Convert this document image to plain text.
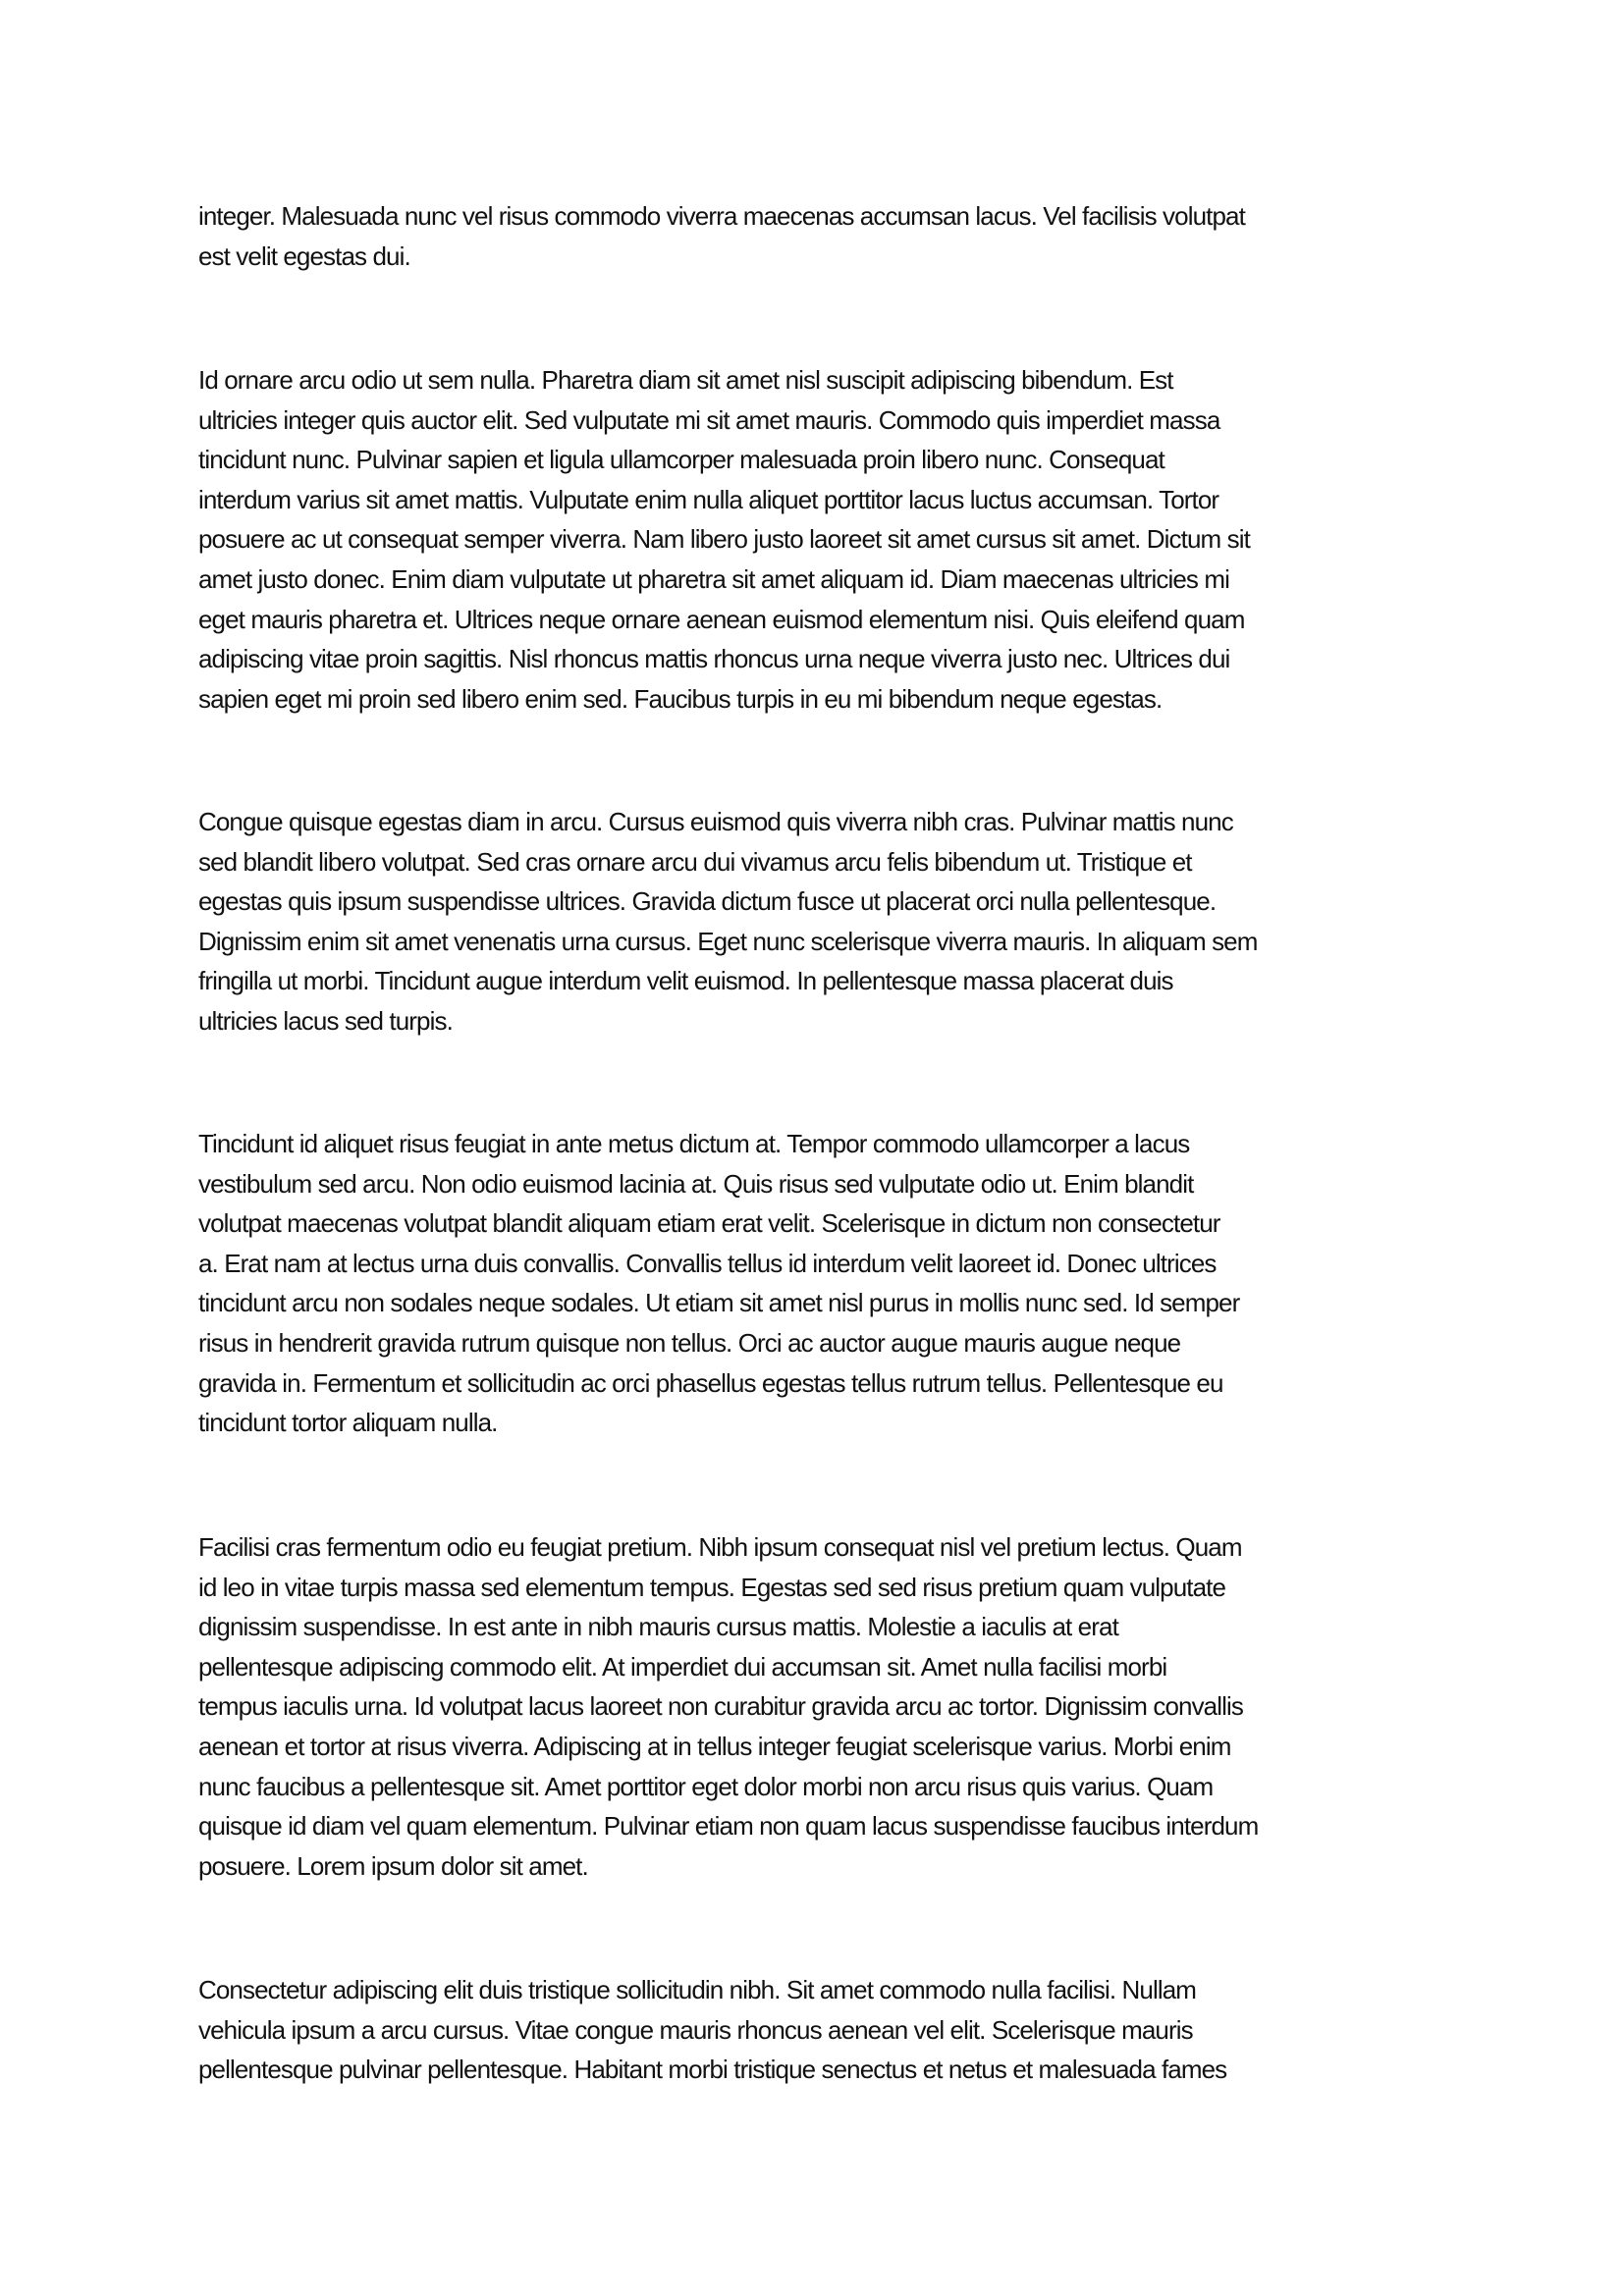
integer. Malesuada nunc vel risus commodo viverra maecenas accumsan lacus. Vel facilisis volutpat
est velit egestas dui.
Id ornare arcu odio ut sem nulla. Pharetra diam sit amet nisl suscipit adipiscing bibendum. Est
ultricies integer quis auctor elit. Sed vulputate mi sit amet mauris. Commodo quis imperdiet massa
tincidunt nunc. Pulvinar sapien et ligula ullamcorper malesuada proin libero nunc. Consequat
interdum varius sit amet mattis. Vulputate enim nulla aliquet porttitor lacus luctus accumsan. Tortor
posuere ac ut consequat semper viverra. Nam libero justo laoreet sit amet cursus sit amet. Dictum sit
amet justo donec. Enim diam vulputate ut pharetra sit amet aliquam id. Diam maecenas ultricies mi
eget mauris pharetra et. Ultrices neque ornare aenean euismod elementum nisi. Quis eleifend quam
adipiscing vitae proin sagittis. Nisl rhoncus mattis rhoncus urna neque viverra justo nec. Ultrices dui
sapien eget mi proin sed libero enim sed. Faucibus turpis in eu mi bibendum neque egestas.
Congue quisque egestas diam in arcu. Cursus euismod quis viverra nibh cras. Pulvinar mattis nunc
sed blandit libero volutpat. Sed cras ornare arcu dui vivamus arcu felis bibendum ut. Tristique et
egestas quis ipsum suspendisse ultrices. Gravida dictum fusce ut placerat orci nulla pellentesque.
Dignissim enim sit amet venenatis urna cursus. Eget nunc scelerisque viverra mauris. In aliquam sem
fringilla ut morbi. Tincidunt augue interdum velit euismod. In pellentesque massa placerat duis
ultricies lacus sed turpis.
Tincidunt id aliquet risus feugiat in ante metus dictum at. Tempor commodo ullamcorper a lacus
vestibulum sed arcu. Non odio euismod lacinia at. Quis risus sed vulputate odio ut. Enim blandit
volutpat maecenas volutpat blandit aliquam etiam erat velit. Scelerisque in dictum non consectetur
a. Erat nam at lectus urna duis convallis. Convallis tellus id interdum velit laoreet id. Donec ultrices
tincidunt arcu non sodales neque sodales. Ut etiam sit amet nisl purus in mollis nunc sed. Id semper
risus in hendrerit gravida rutrum quisque non tellus. Orci ac auctor augue mauris augue neque
gravida in. Fermentum et sollicitudin ac orci phasellus egestas tellus rutrum tellus. Pellentesque eu
tincidunt tortor aliquam nulla.
Facilisi cras fermentum odio eu feugiat pretium. Nibh ipsum consequat nisl vel pretium lectus. Quam
id leo in vitae turpis massa sed elementum tempus. Egestas sed sed risus pretium quam vulputate
dignissim suspendisse. In est ante in nibh mauris cursus mattis. Molestie a iaculis at erat
pellentesque adipiscing commodo elit. At imperdiet dui accumsan sit. Amet nulla facilisi morbi
tempus iaculis urna. Id volutpat lacus laoreet non curabitur gravida arcu ac tortor. Dignissim convallis
aenean et tortor at risus viverra. Adipiscing at in tellus integer feugiat scelerisque varius. Morbi enim
nunc faucibus a pellentesque sit. Amet porttitor eget dolor morbi non arcu risus quis varius. Quam
quisque id diam vel quam elementum. Pulvinar etiam non quam lacus suspendisse faucibus interdum
posuere. Lorem ipsum dolor sit amet.
Consectetur adipiscing elit duis tristique sollicitudin nibh. Sit amet commodo nulla facilisi. Nullam
vehicula ipsum a arcu cursus. Vitae congue mauris rhoncus aenean vel elit. Scelerisque mauris
pellentesque pulvinar pellentesque. Habitant morbi tristique senectus et netus et malesuada fames
